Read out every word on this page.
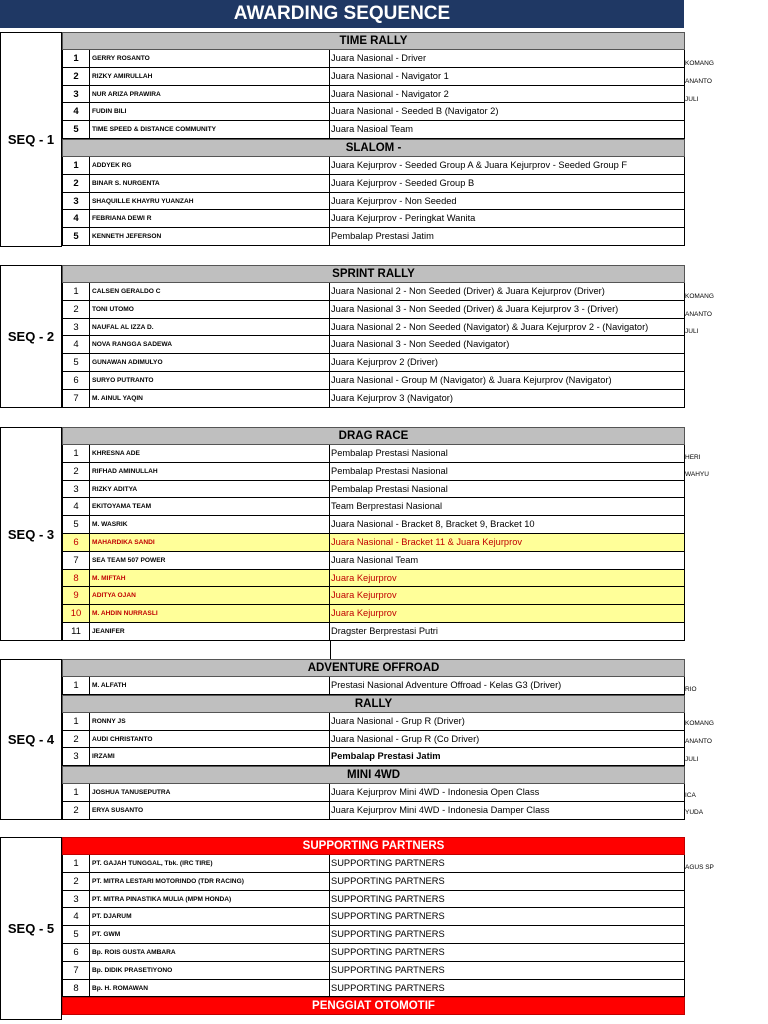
AWARDING SEQUENCE
SEQ - 1
TIME RALLY
1	GERRY ROSANTO	Juara Nasional - Driver
2	RIZKY AMIRULLAH	Juara Nasional - Navigator 1
3	NUR ARIZA PRAWIRA	Juara Nasional - Navigator 2
4	FUDIN BILI	Juara Nasional - Seeded B (Navigator 2)
5	TIME SPEED & DISTANCE COMMUNITY	Juara Nasioal Team
SLALOM -
1	ADDYEK RG	Juara Kejurprov - Seeded Group A & Juara Kejurprov - Seeded Group F
2	BINAR S. NURGENTA	Juara Kejurprov - Seeded Group B
3	SHAQUILLE KHAYRU YUANZAH	Juara Kejurprov - Non Seeded
4	FEBRIANA DEWI R	Juara Kejurprov - Peringkat Wanita
5	KENNETH JEFERSON	Pembalap Prestasi Jatim
KOMANG
ANANTO
JULI
SEQ - 2
SPRINT RALLY
1	CALSEN GERALDO C	Juara Nasional 2 - Non Seeded (Driver) & Juara Kejurprov (Driver)
2	TONI UTOMO	Juara Nasional 3 - Non Seeded (Driver) & Juara Kejurprov 3 - (Driver)
3	NAUFAL AL IZZA D.	Juara Nasional 2 - Non Seeded (Navigator) & Juara Kejurprov 2 - (Navigator)
4	NOVA RANGGA SADEWA	Juara Nasional 3 - Non Seeded (Navigator)
5	GUNAWAN ADIMULYO	Juara Kejurprov 2 (Driver)
6	SURYO PUTRANTO	Juara Nasional - Group M (Navigator) & Juara Kejurprov (Navigator)
7	M. AINUL YAQIN	Juara Kejurprov 3 (Navigator)
KOMANG
ANANTO
JULI
SEQ - 3
DRAG RACE
1	KHRESNA ADE	Pembalap Prestasi Nasional
2	RIFHAD AMINULLAH	Pembalap Prestasi Nasional
3	RIZKY ADITYA	Pembalap Prestasi Nasional
4	EKITOYAMA TEAM	Team Berprestasi Nasional
5	M. WASRIK	Juara Nasional - Bracket 8, Bracket 9, Bracket 10
6	MAHARDIKA SANDI	Juara Nasional - Bracket 11 & Juara Kejurprov
7	SEA TEAM 507 POWER	Juara Nasional Team
8	M. MIFTAH	Juara Kejurprov
9	ADITYA OJAN	Juara Kejurprov
10	M. AHDIN NURRASLI	Juara Kejurprov
11	JEANIFER	Dragster Berprestasi Putri
HERI
WAHYU
SEQ - 4
ADVENTURE OFFROAD
1	M. ALFATH	Prestasi Nasional Adventure Offroad - Kelas G3 (Driver)
RALLY
1	RONNY JS	Juara Nasional - Grup R (Driver)
2	AUDI CHRISTANTO	Juara Nasional - Grup R (Co Driver)
3	IRZAMI	Pembalap Prestasi Jatim
MINI 4WD
1	JOSHUA TANUSEPUTRA	Juara Kejurprov Mini 4WD - Indonesia Open Class
2	ERYA SUSANTO	Juara Kejurprov Mini 4WD - Indonesia Damper Class
RIO
KOMANG
ANANTO
JULI
ICA
YUDA
SEQ - 5
SUPPORTING PARTNERS
1	PT. GAJAH TUNGGAL, Tbk. (IRC TIRE)	SUPPORTING PARTNERS
2	PT. MITRA LESTARI MOTORINDO (TDR RACING)	SUPPORTING PARTNERS
3	PT. MITRA PINASTIKA MULIA (MPM HONDA)	SUPPORTING PARTNERS
4	PT. DJARUM	SUPPORTING PARTNERS
5	PT. GWM	SUPPORTING PARTNERS
6	Bp. ROIS GUSTA AMBARA	SUPPORTING PARTNERS
7	Bp. DIDIK PRASETIYONO	SUPPORTING PARTNERS
8	Bp. H. ROMAWAN	SUPPORTING PARTNERS
PENGGIAT OTOMOTIF
AGUS SP
